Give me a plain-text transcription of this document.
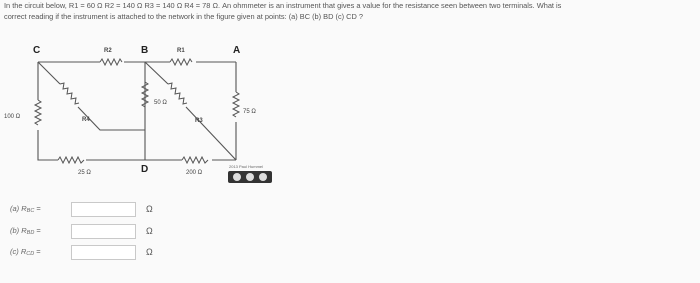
In the circuit below, R1 = 60 Ω R2 = 140 Ω R3 = 140 Ω R4 = 78 Ω. An ohmmeter is an instrument that gives a value for the resistance seen between two terminals. What is

correct reading if the instrument is attached to the network in the figure given at points: (a) BC (b) BD (c) CD ?

C	B	A
D
R2	R1
R4	R3
100 Ω
25 Ω
50 Ω
200 Ω
75 Ω
2013 Paul Hummel
(a) RBC =	Ω
(b) RBD =	Ω
(c) RCD =	Ω
